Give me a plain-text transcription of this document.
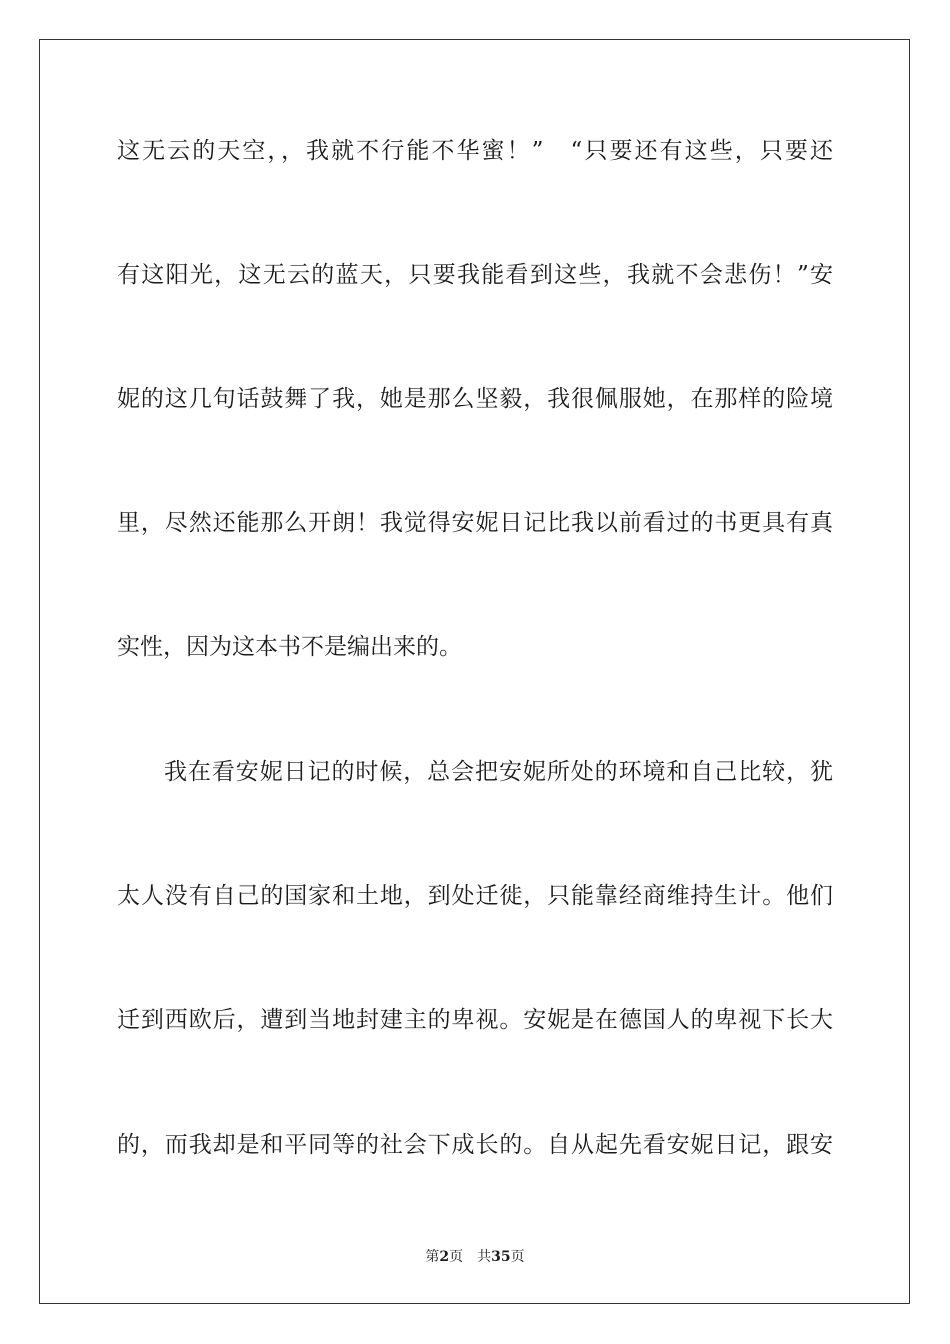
这无云的天空，，我就不行能不华蜜！”　“只要还有这些，只要还
有这阳光，这无云的蓝天，只要我能看到这些，我就不会悲伤！”安
妮的这几句话鼓舞了我，她是那么坚毅，我很佩服她，在那样的险境
里，尽然还能那么开朗！我觉得安妮日记比我以前看过的书更具有真
实性，因为这本书不是编出来的。
我在看安妮日记的时候，总会把安妮所处的环境和自己比较，犹
太人没有自己的国家和土地，到处迁徙，只能靠经商维持生计。他们
迁到西欧后，遭到当地封建主的卑视。安妮是在德国人的卑视下长大
的，而我却是和平同等的社会下成长的。自从起先看安妮日记，跟安
第2页 共35页
